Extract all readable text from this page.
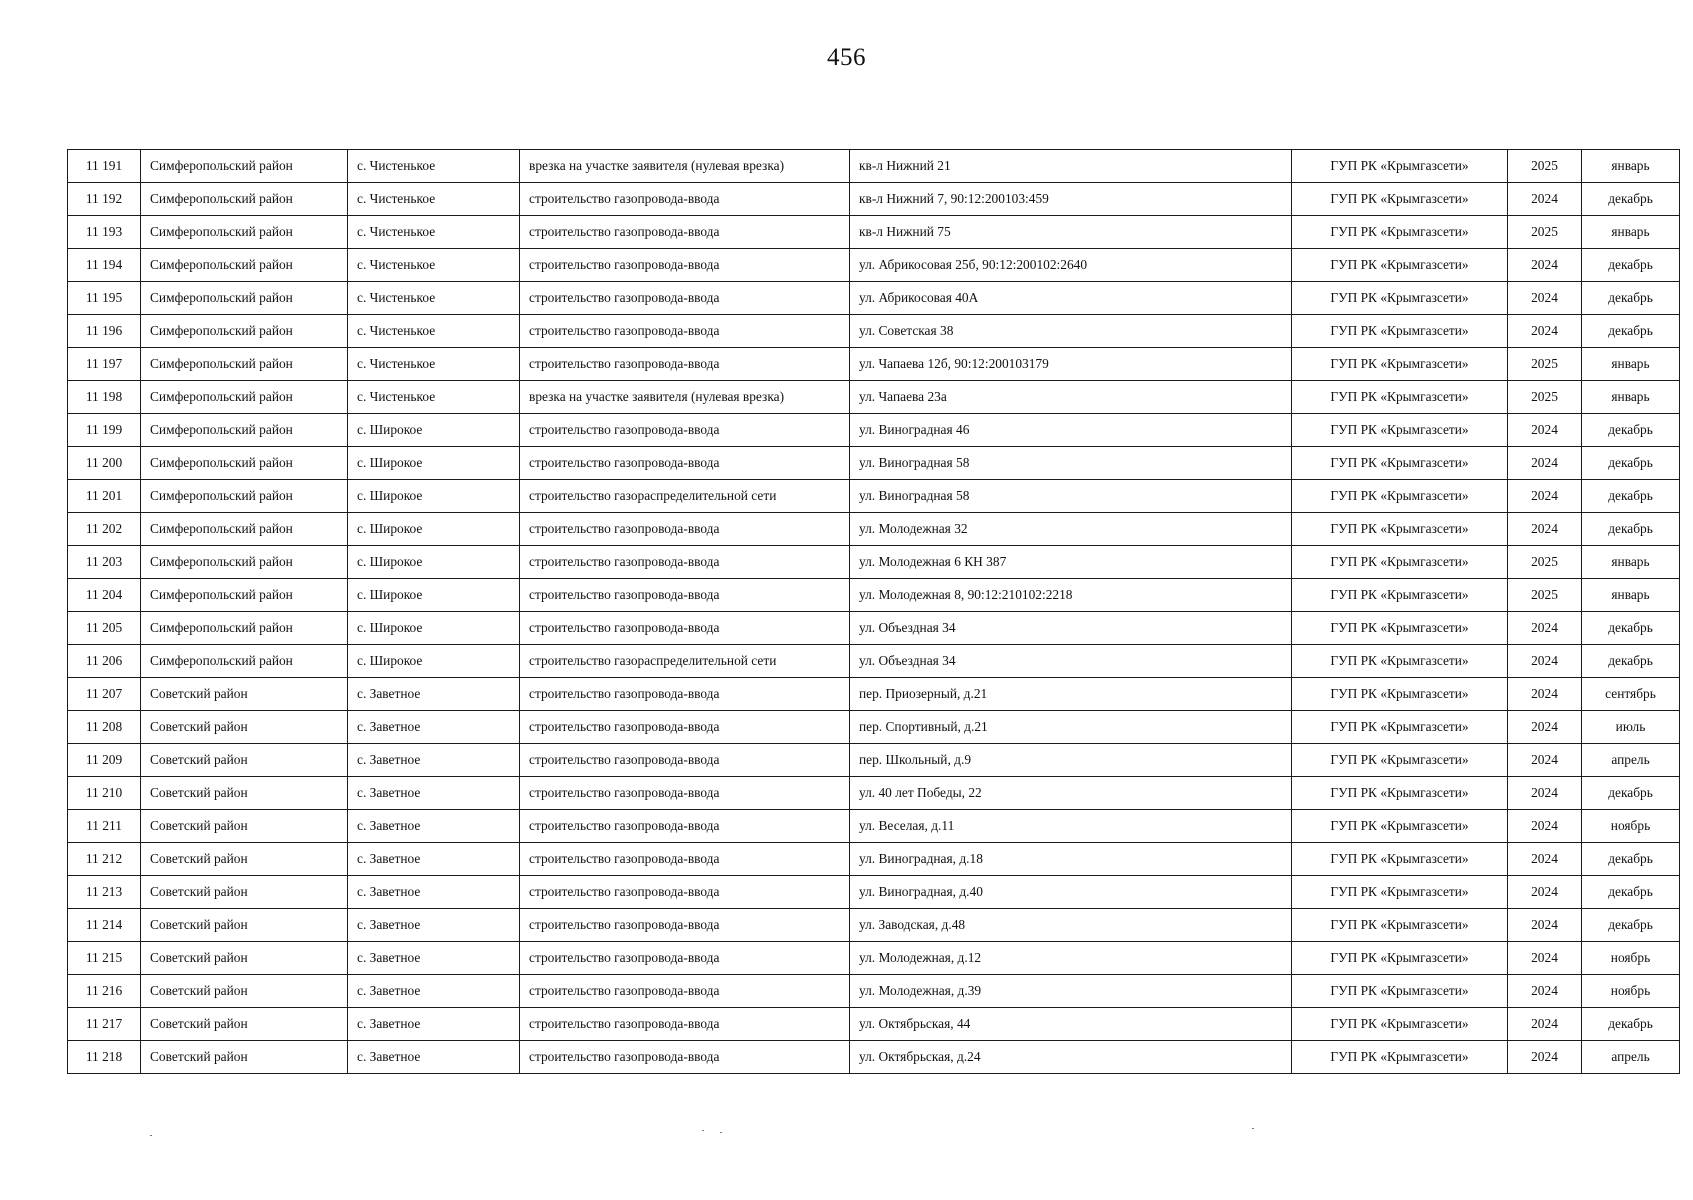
456
11 191	Симферопольский район	с. Чистенькое	врезка на участке заявителя (нулевая врезка)	кв-л Нижний 21	ГУП РК «Крымгазсети»	2025	январь
11 192	Симферопольский район	с. Чистенькое	строительство газопровода-ввода	кв-л Нижний 7, 90:12:200103:459	ГУП РК «Крымгазсети»	2024	декабрь
11 193	Симферопольский район	с. Чистенькое	строительство газопровода-ввода	кв-л Нижний 75	ГУП РК «Крымгазсети»	2025	январь
11 194	Симферопольский район	с. Чистенькое	строительство газопровода-ввода	ул. Абрикосовая 25б, 90:12:200102:2640	ГУП РК «Крымгазсети»	2024	декабрь
11 195	Симферопольский район	с. Чистенькое	строительство газопровода-ввода	ул. Абрикосовая 40А	ГУП РК «Крымгазсети»	2024	декабрь
11 196	Симферопольский район	с. Чистенькое	строительство газопровода-ввода	ул. Советская 38	ГУП РК «Крымгазсети»	2024	декабрь
11 197	Симферопольский район	с. Чистенькое	строительство газопровода-ввода	ул. Чапаева 12б, 90:12:200103179	ГУП РК «Крымгазсети»	2025	январь
11 198	Симферопольский район	с. Чистенькое	врезка на участке заявителя (нулевая врезка)	ул. Чапаева 23а	ГУП РК «Крымгазсети»	2025	январь
11 199	Симферопольский район	с. Широкое	строительство газопровода-ввода	ул. Виноградная 46	ГУП РК «Крымгазсети»	2024	декабрь
11 200	Симферопольский район	с. Широкое	строительство газопровода-ввода	ул. Виноградная 58	ГУП РК «Крымгазсети»	2024	декабрь
11 201	Симферопольский район	с. Широкое	строительство газораспределительной сети	ул. Виноградная 58	ГУП РК «Крымгазсети»	2024	декабрь
11 202	Симферопольский район	с. Широкое	строительство газопровода-ввода	ул. Молодежная 32	ГУП РК «Крымгазсети»	2024	декабрь
11 203	Симферопольский район	с. Широкое	строительство газопровода-ввода	ул. Молодежная 6 КН 387	ГУП РК «Крымгазсети»	2025	январь
11 204	Симферопольский район	с. Широкое	строительство газопровода-ввода	ул. Молодежная 8, 90:12:210102:2218	ГУП РК «Крымгазсети»	2025	январь
11 205	Симферопольский район	с. Широкое	строительство газопровода-ввода	ул. Объездная 34	ГУП РК «Крымгазсети»	2024	декабрь
11 206	Симферопольский район	с. Широкое	строительство газораспределительной сети	ул. Объездная 34	ГУП РК «Крымгазсети»	2024	декабрь
11 207	Советский район	с. Заветное	строительство газопровода-ввода	пер. Приозерный, д.21	ГУП РК «Крымгазсети»	2024	сентябрь
11 208	Советский район	с. Заветное	строительство газопровода-ввода	пер. Спортивный, д.21	ГУП РК «Крымгазсети»	2024	июль
11 209	Советский район	с. Заветное	строительство газопровода-ввода	пер. Школьный, д.9	ГУП РК «Крымгазсети»	2024	апрель
11 210	Советский район	с. Заветное	строительство газопровода-ввода	ул. 40 лет Победы, 22	ГУП РК «Крымгазсети»	2024	декабрь
11 211	Советский район	с. Заветное	строительство газопровода-ввода	ул. Веселая, д.11	ГУП РК «Крымгазсети»	2024	ноябрь
11 212	Советский район	с. Заветное	строительство газопровода-ввода	ул. Виноградная, д.18	ГУП РК «Крымгазсети»	2024	декабрь
11 213	Советский район	с. Заветное	строительство газопровода-ввода	ул. Виноградная, д.40	ГУП РК «Крымгазсети»	2024	декабрь
11 214	Советский район	с. Заветное	строительство газопровода-ввода	ул. Заводская, д.48	ГУП РК «Крымгазсети»	2024	декабрь
11 215	Советский район	с. Заветное	строительство газопровода-ввода	ул. Молодежная, д.12	ГУП РК «Крымгазсети»	2024	ноябрь
11 216	Советский район	с. Заветное	строительство газопровода-ввода	ул. Молодежная, д.39	ГУП РК «Крымгазсети»	2024	ноябрь
11 217	Советский район	с. Заветное	строительство газопровода-ввода	ул. Октябрьская, 44	ГУП РК «Крымгазсети»	2024	декабрь
11 218	Советский район	с. Заветное	строительство газопровода-ввода	ул. Октябрьская, д.24	ГУП РК «Крымгазсети»	2024	апрель
